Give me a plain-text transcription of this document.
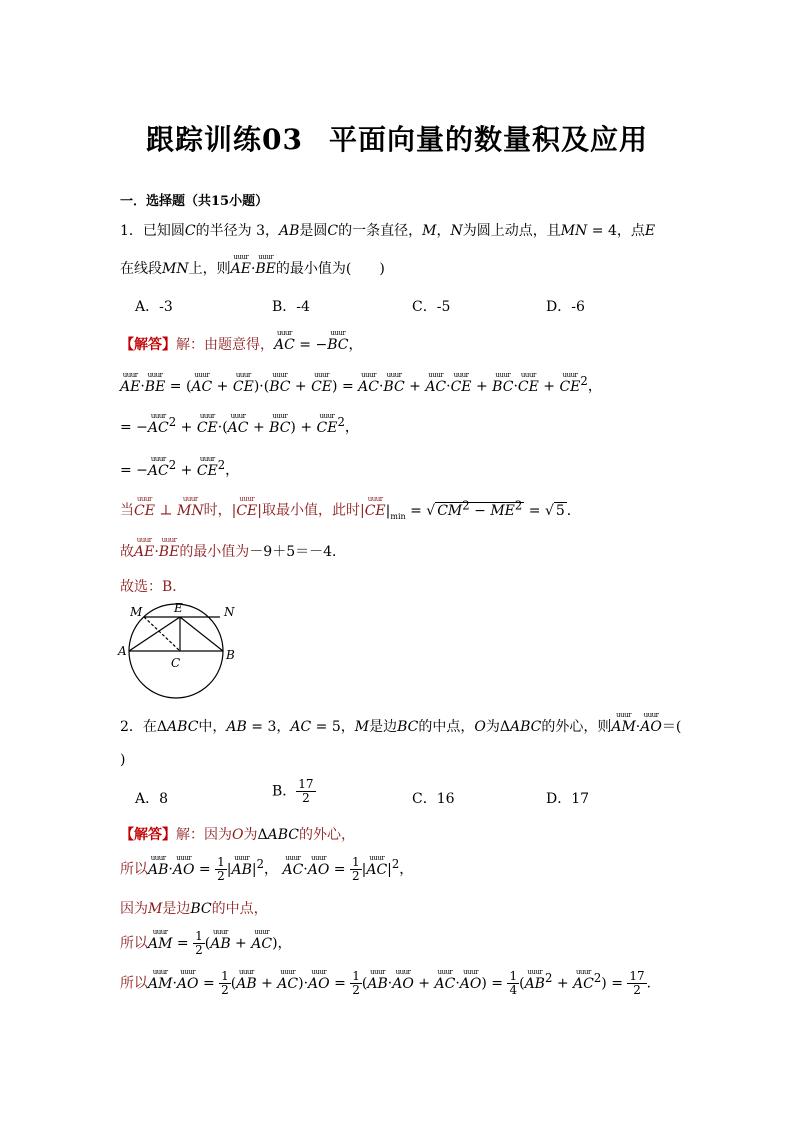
跟踪训练03 平面向量的数量积及应用
一．选择题（共15小题）
1．已知圆C的半径为 3，AB是圆C的一条直径，M，N为圆上动点，且MN = 4，点E
在线段MN上，则uuur AE·uuur BE的最小值为(　　)
A．-3	B．-4	C．-5	D．-6
【解答】解：由题意得，uuur AC = −uuur BC，
uuur AE·uuur BE = (uuur AC + uuur CE)·(uuur BC + uuur CE) = uuur AC·uuur BC + uuur AC·uuur CE + uuur BC·uuur CE + uuur $CE^2$，
= −uuur $AC^2$ + uuur CE·(uuur AC + uuur BC) + uuur $CE^2$，
= −uuur $AC^2$ + uuur $CE^2$，
当uuur CE ⊥ uuur MN时，|uuur CE|取最小值，此时|uuur $CE|_{min}$ = √ $CM^2 - ME^2$ = √ 5 ．
故uuur AE·uuur BE的最小值为－9＋5＝－4．
故选：B．
M	E	N
A	B
C
2．在ΔABC中，AB = 3，AC = 5，M是边BC的中点，O为ΔABC的外心，则uuur AM·uuur AO＝(
)
A．8	B． $\frac{17}{2}$	C．16	D．17
【解答】解：因为O为ΔABC的外心，
所以uuur AB·uuur AO = $\frac{1}{2}$ |uuur $AB|^2$， uuur AC·uuur AO = $\frac{1}{2}$ |uuur $AC|^2$，
因为M是边BC的中点，
所以uuur AM = $\frac{1}{2}$ (uuur AB + uuur AC)，
所以uuur AM·uuur AO = $\frac{1}{2}$ (uuur AB + uuur AC)·uuur AO = $\frac{1}{2}$ (uuur AB·uuur AO + uuur AC·uuur $AO) = \frac{1}{4}$ (uuur $AB^2$ + uuur $AC^2) = \frac{17}{2}$ ．
